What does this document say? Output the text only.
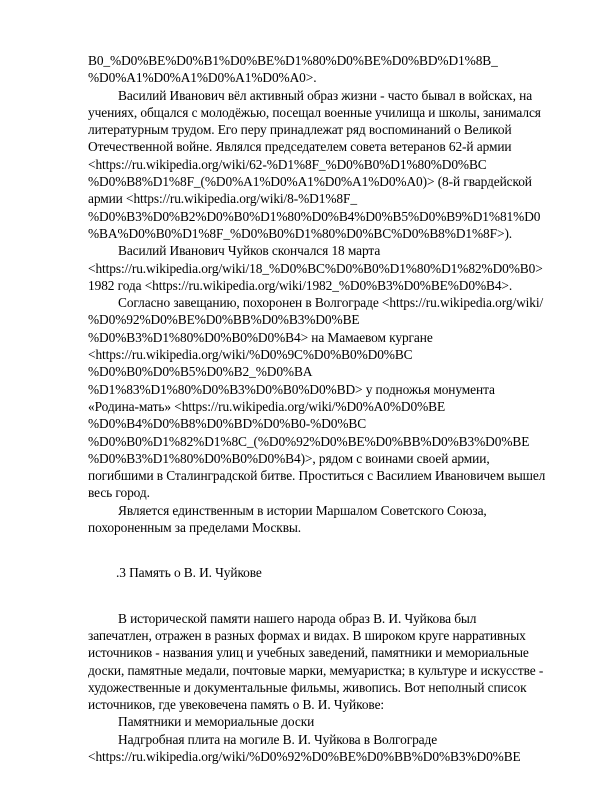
B0_%D0%BE%D0%B1%D0%BE%D1%80%D0%BE%D0%BD%D1%8B_
%D0%A1%D0%A1%D0%A1%D0%A0>.
Василий Иванович вёл активный образ жизни - часто бывал в войсках, на
учениях, общался с молодёжью, посещал военные училища и школы, занимался
литературным трудом. Его перу принадлежат ряд воспоминаний о Великой
Отечественной войне. Являлся председателем совета ветеранов 62-й армии
<https://ru.wikipedia.org/wiki/62-%D1%8F_%D0%B0%D1%80%D0%BC
%D0%B8%D1%8F_(%D0%A1%D0%A1%D0%A1%D0%A0)> (8-й гвардейской
армии <https://ru.wikipedia.org/wiki/8-%D1%8F_
%D0%B3%D0%B2%D0%B0%D1%80%D0%B4%D0%B5%D0%B9%D1%81%D0
%BA%D0%B0%D1%8F_%D0%B0%D1%80%D0%BC%D0%B8%D1%8F>).
Василий Иванович Чуйков скончался 18 марта
<https://ru.wikipedia.org/wiki/18_%D0%BC%D0%B0%D1%80%D1%82%D0%B0>
1982 года <https://ru.wikipedia.org/wiki/1982_%D0%B3%D0%BE%D0%B4>.
Согласно завещанию, похоронен в Волгограде <https://ru.wikipedia.org/wiki/
%D0%92%D0%BE%D0%BB%D0%B3%D0%BE
%D0%B3%D1%80%D0%B0%D0%B4> на Мамаевом кургане
<https://ru.wikipedia.org/wiki/%D0%9C%D0%B0%D0%BC
%D0%B0%D0%B5%D0%B2_%D0%BA
%D1%83%D1%80%D0%B3%D0%B0%D0%BD> у подножья монумента
«Родина-мать» <https://ru.wikipedia.org/wiki/%D0%A0%D0%BE
%D0%B4%D0%B8%D0%BD%D0%B0-%D0%BC
%D0%B0%D1%82%D1%8C_(%D0%92%D0%BE%D0%BB%D0%B3%D0%BE
%D0%B3%D1%80%D0%B0%D0%B4)>, рядом с воинами своей армии,
погибшими в Сталинградской битве. Проститься с Василием Ивановичем вышел
весь город.
Является единственным в истории Маршалом Советского Союза,
похороненным за пределами Москвы.
.3 Память о В. И. Чуйкове
В исторической памяти нашего народа образ В. И. Чуйкова был
запечатлен, отражен в разных формах и видах. В широком круге нарративных
источников - названия улиц и учебных заведений, памятники и мемориальные
доски, памятные медали, почтовые марки, мемуаристка; в культуре и искусстве -
художественные и документальные фильмы, живопись. Вот неполный список
источников, где увековечена память о В. И. Чуйкове:
Памятники и мемориальные доски
Надгробная плита на могиле В. И. Чуйкова в Волгограде
<https://ru.wikipedia.org/wiki/%D0%92%D0%BE%D0%BB%D0%B3%D0%BE
